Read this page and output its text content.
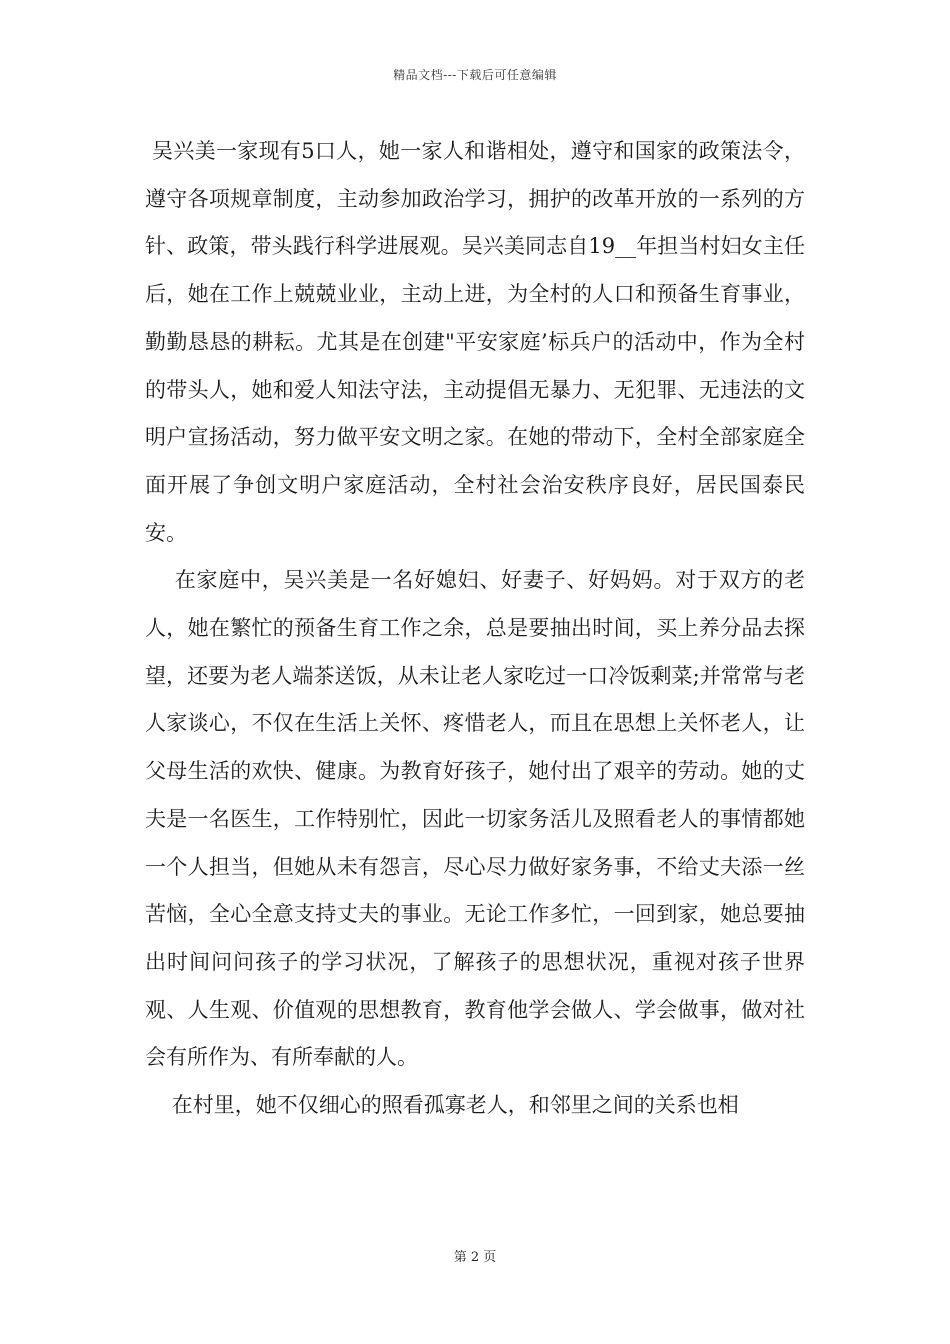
精品文档---下载后可任意编辑

吴兴美一家现有5口人，她一家人和谐相处，遵守和国家的政策法令，遵守各项规章制度，主动参加政治学习，拥护的改革开放的一系列的方针、政策，带头践行科学进展观。吴兴美同志自19__年担当村妇女主任后，她在工作上兢兢业业，主动上进，为全村的人口和预备生育事业，勤勤恳恳的耕耘。尤其是在创建"平安家庭’标兵户的活动中，作为全村的带头人，她和爱人知法守法，主动提倡无暴力、无犯罪、无违法的文明户宣扬活动，努力做平安文明之家。在她的带动下，全村全部家庭全面开展了争创文明户家庭活动，全村社会治安秩序良好，居民国泰民安。

在家庭中，吴兴美是一名好媳妇、好妻子、好妈妈。对于双方的老人，她在繁忙的预备生育工作之余，总是要抽出时间，买上养分品去探望，还要为老人端茶送饭，从未让老人家吃过一口冷饭剩菜;并常常与老人家谈心，不仅在生活上关怀、疼惜老人，而且在思想上关怀老人，让父母生活的欢快、健康。为教育好孩子，她付出了艰辛的劳动。她的丈夫是一名医生，工作特别忙，因此一切家务活儿及照看老人的事情都她一个人担当，但她从未有怨言，尽心尽力做好家务事，不给丈夫添一丝苦恼，全心全意支持丈夫的事业。无论工作多忙，一回到家，她总要抽出时间问问孩子的学习状况，了解孩子的思想状况，重视对孩子世界观、人生观、价值观的思想教育，教育他学会做人、学会做事，做对社会有所作为、有所奉献的人。

在村里，她不仅细心的照看孤寡老人，和邻里之间的关系也相

第 2 页
